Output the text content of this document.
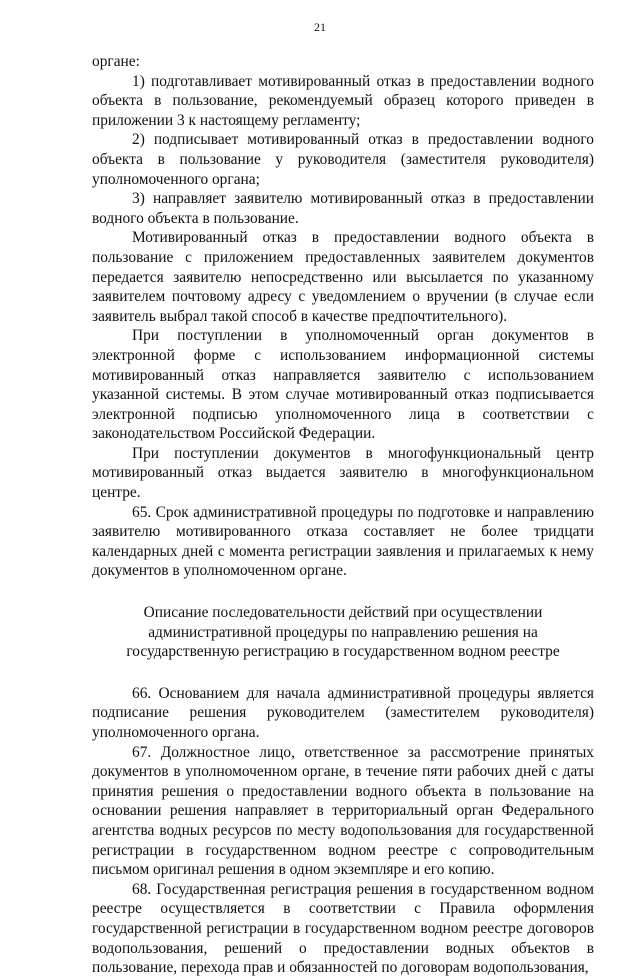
21

органе:

1) подготавливает мотивированный отказ в предоставлении водного объекта в пользование, рекомендуемый образец которого приведен в приложении 3 к настоящему регламенту;

2) подписывает мотивированный отказ в предоставлении водного объекта в пользование у руководителя (заместителя руководителя) уполномоченного органа;

3) направляет заявителю мотивированный отказ в предоставлении водного объекта в пользование.

Мотивированный отказ в предоставлении водного объекта в пользование с приложением предоставленных заявителем документов передается заявителю непосредственно или высылается по указанному заявителем почтовому адресу с уведомлением о вручении (в случае если заявитель выбрал такой способ в качестве предпочтительного).

При поступлении в уполномоченный орган документов в электронной форме с использованием информационной системы мотивированный отказ направляется заявителю с использованием указанной системы. В этом случае мотивированный отказ подписывается электронной подписью уполномоченного лица в соответствии с законодательством Российской Федерации.

При поступлении документов в многофункциональный центр мотивированный отказ выдается заявителю в многофункциональном центре.

65. Срок административной процедуры по подготовке и направлению заявителю мотивированного отказа составляет не более тридцати календарных дней с момента регистрации заявления и прилагаемых к нему документов в уполномоченном органе.

Описание последовательности действий при осуществлении административной процедуры по направлению решения на государственную регистрацию в государственном водном реестре

66. Основанием для начала административной процедуры является подписание решения руководителем (заместителем руководителя) уполномоченного органа.

67. Должностное лицо, ответственное за рассмотрение принятых документов в уполномоченном органе, в течение пяти рабочих дней с даты принятия решения о предоставлении водного объекта в пользование на основании решения направляет в территориальный орган Федерального агентства водных ресурсов по месту водопользования для государственной регистрации в государственном водном реестре с сопроводительным письмом оригинал решения в одном экземпляре и его копию.

68. Государственная регистрация решения в государственном водном реестре осуществляется в соответствии с Правила оформления государственной регистрации в государственном водном реестре договоров водопользования, решений о предоставлении водных объектов в пользование, перехода прав и обязанностей по договорам водопользования,
